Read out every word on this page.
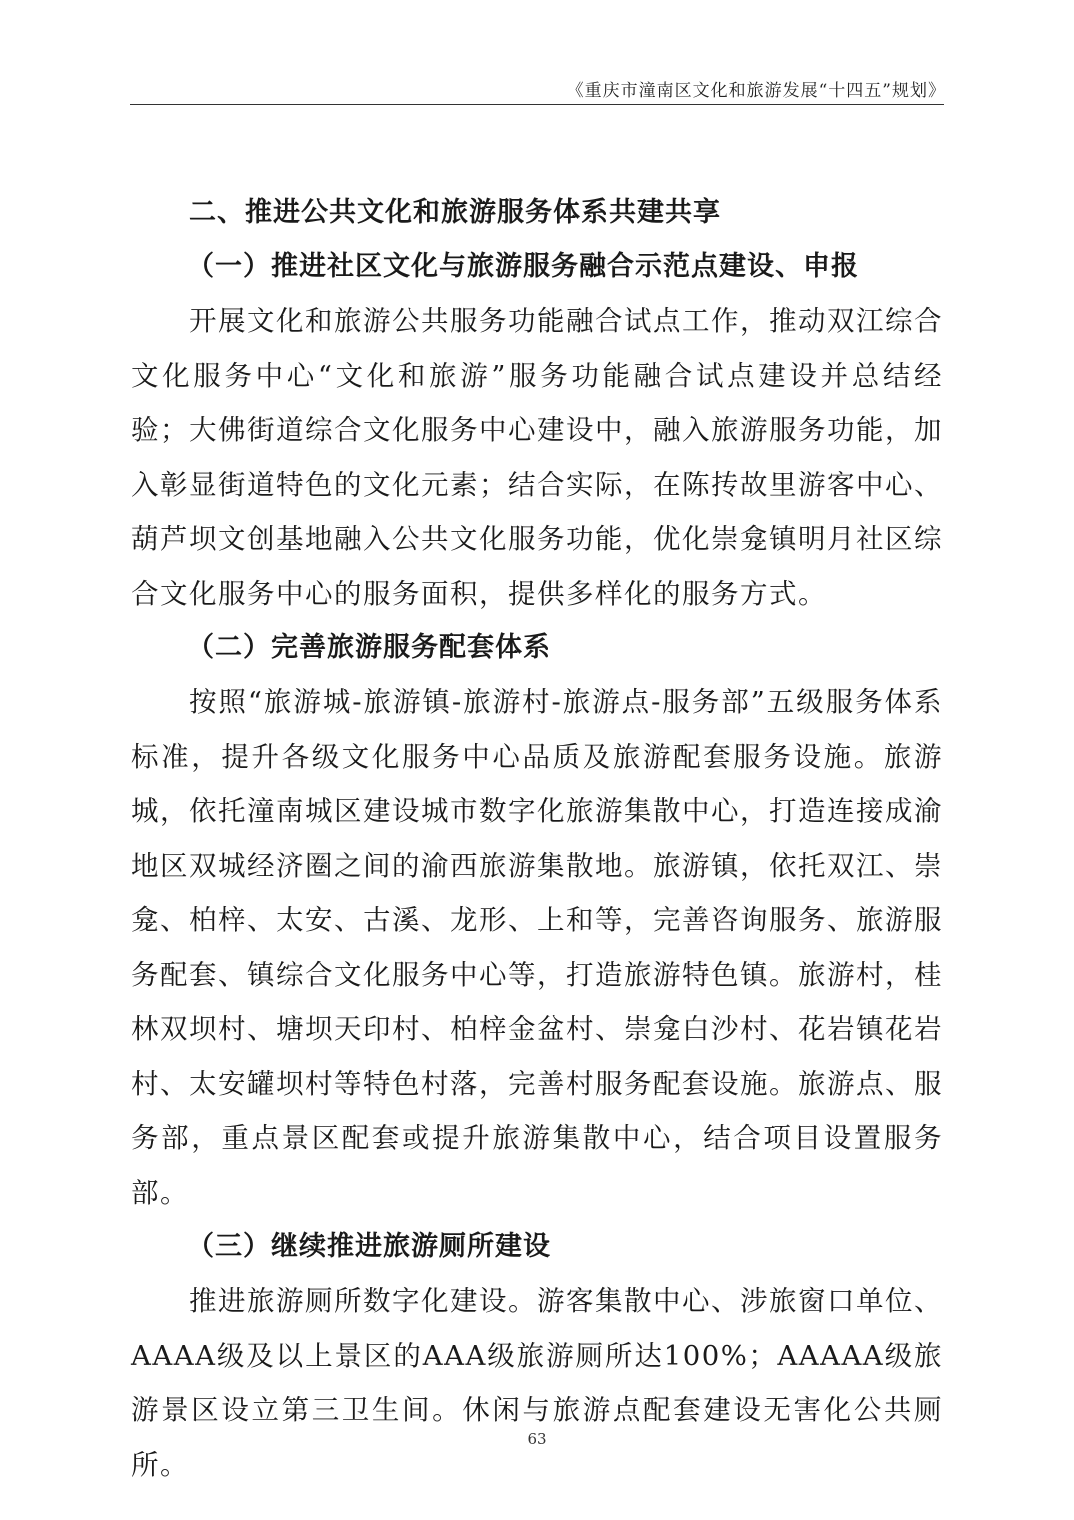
《重庆市潼南区文化和旅游发展“十四五”规划》
二、推进公共文化和旅游服务体系共建共享
（一）推进社区文化与旅游服务融合示范点建设、申报

开展文化和旅游公共服务功能融合试点工作，推动双江综合文化服务中心“文化和旅游”服务功能融合试点建设并总结经验；大佛街道综合文化服务中心建设中，融入旅游服务功能，加入彰显街道特色的文化元素；结合实际，在陈抟故里游客中心、葫芦坝文创基地融入公共文化服务功能，优化崇龛镇明月社区综合文化服务中心的服务面积，提供多样化的服务方式。

（二）完善旅游服务配套体系

按照“旅游城-旅游镇-旅游村-旅游点-服务部”五级服务体系标准，提升各级文化服务中心品质及旅游配套服务设施。旅游城，依托潼南城区建设城市数字化旅游集散中心，打造连接成渝地区双城经济圈之间的渝西旅游集散地。旅游镇，依托双江、崇龛、柏梓、太安、古溪、龙形、上和等，完善咨询服务、旅游服务配套、镇综合文化服务中心等，打造旅游特色镇。旅游村，桂林双坝村、塘坝天印村、柏梓金盆村、崇龛白沙村、花岩镇花岩村、太安罐坝村等特色村落，完善村服务配套设施。旅游点、服务部，重点景区配套或提升旅游集散中心，结合项目设置服务部。

（三）继续推进旅游厕所建设

推进旅游厕所数字化建设。游客集散中心、涉旅窗口单位、AAAA级及以上景区的AAA级旅游厕所达100%；AAAAA级旅游景区设立第三卫生间。休闲与旅游点配套建设无害化公共厕所。

63
